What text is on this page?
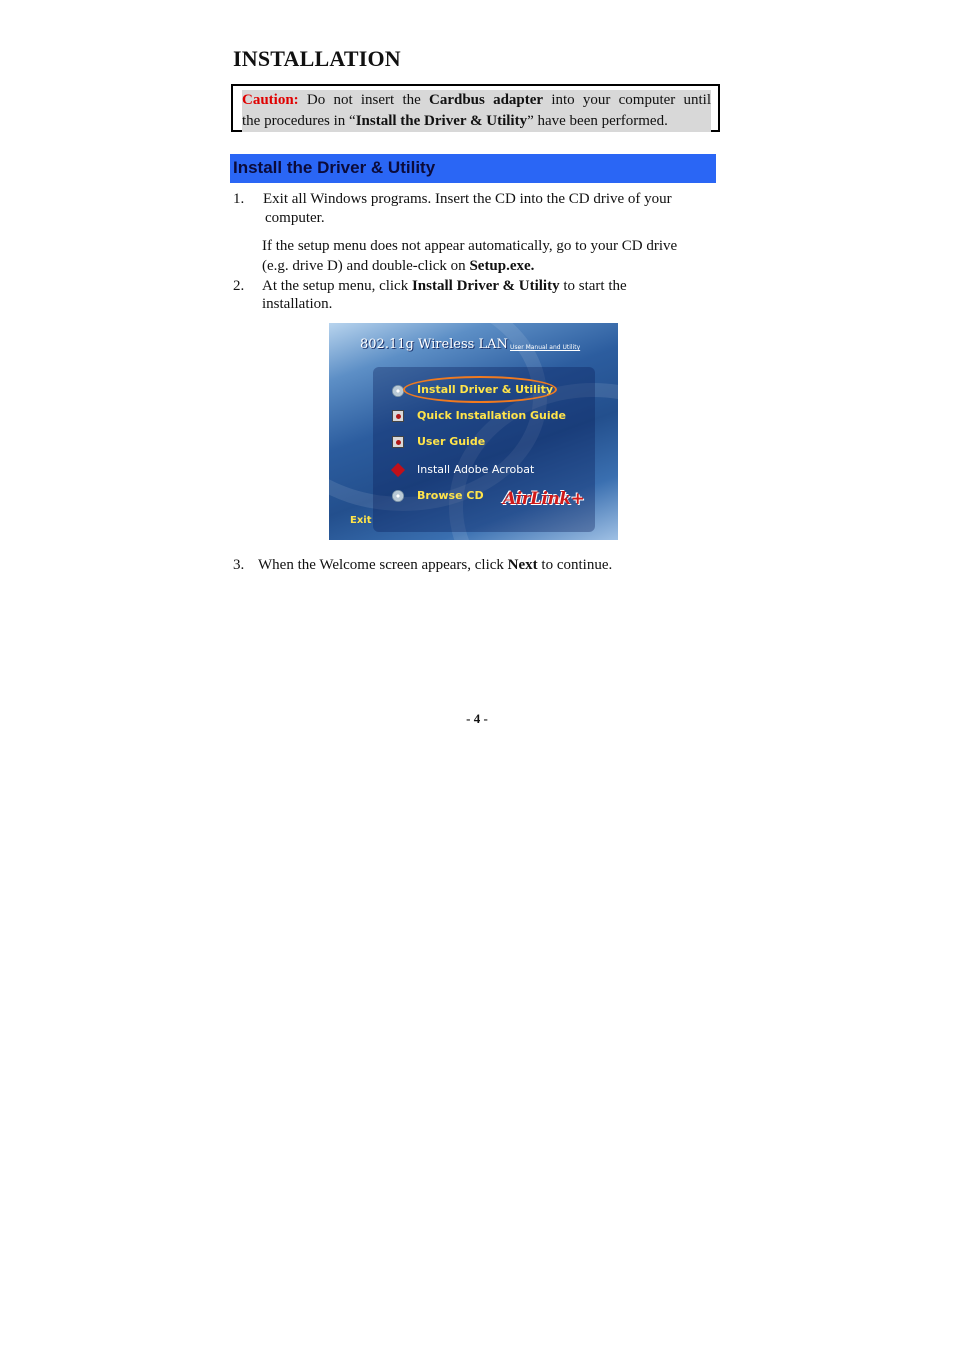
INSTALLATION
Caution: Do not insert the Cardbus adapter into your computer until
the procedures in “Install the Driver & Utility” have been performed.
Install the Driver & Utility
1. Exit all Windows programs. Insert the CD into the CD drive of your
computer.
If the setup menu does not appear automatically, go to your CD drive
(e.g. drive D) and double-click on Setup.exe.
2. At the setup menu, click Install Driver & Utility to start the
installation.
802.11g Wireless LAN User Manual and Utility
Install Driver & Utility
Quick Installation Guide
User Guide
Install Adobe Acrobat
Browse CD AirLink+
Exit
3. When the Welcome screen appears, click Next to continue.
- 4 -
